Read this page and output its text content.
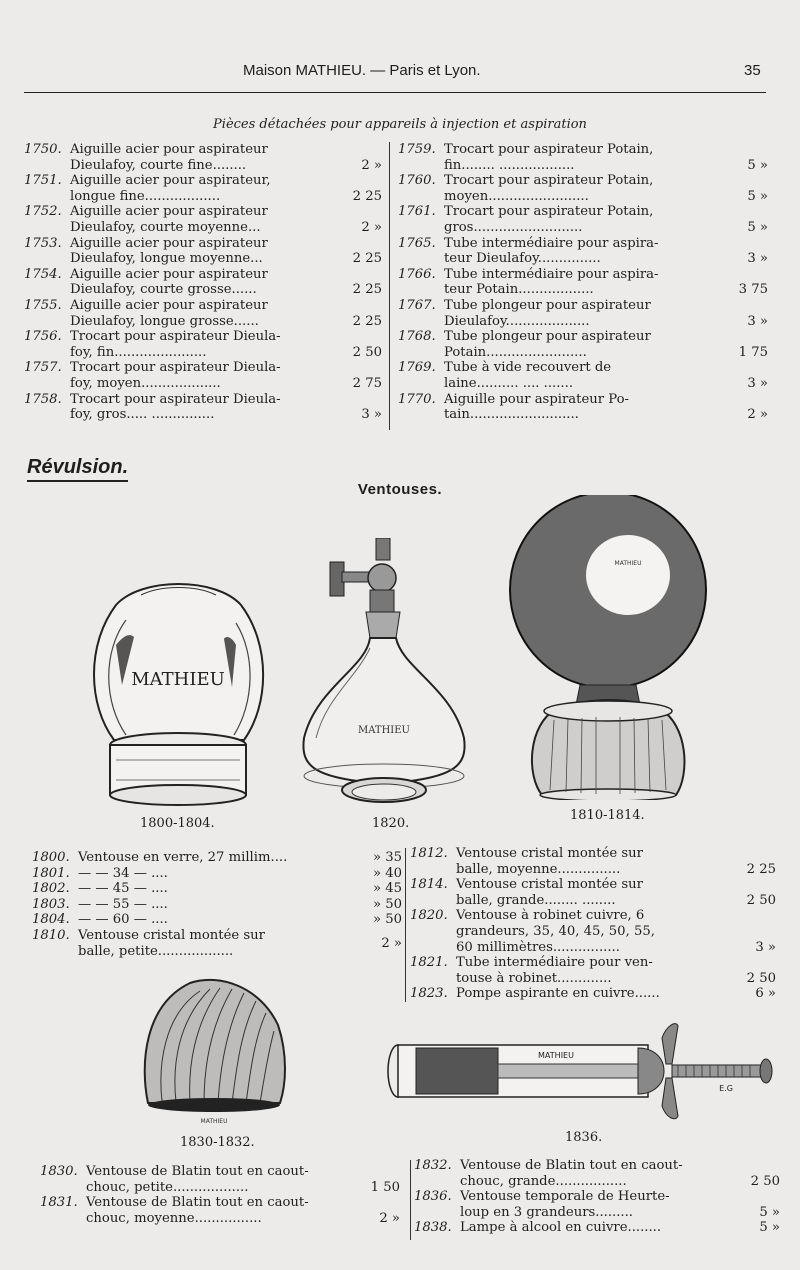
Maison MATHIEU. — Paris et Lyon.	35
Pièces détachées pour appareils à injection et aspiration
1750. Aiguille acier pour aspirateur
Dieulafoy, courte fine........	2 »
1751. Aiguille acier pour aspirateur,
longue fine..................	2 25
1752. Aiguille acier pour aspirateur
Dieulafoy, courte moyenne...	2 »
1753. Aiguille acier pour aspirateur
Dieulafoy, longue moyenne...	2 25
1754. Aiguille acier pour aspirateur
Dieulafoy, courte grosse......	2 25
1755. Aiguille acier pour aspirateur
Dieulafoy, longue grosse......	2 25
1756. Trocart pour aspirateur Dieula-
foy, fin......................	2 50
1757. Trocart pour aspirateur Dieula-
foy, moyen...................	2 75
1758. Trocart pour aspirateur Dieula-
foy, gros..... ...............	3 »
1759. Trocart pour aspirateur Potain,
fin........ ..................	5 »
1760. Trocart pour aspirateur Potain,
moyen........................	5 »
1761. Trocart pour aspirateur Potain,
gros..........................	5 »
1765. Tube intermédiaire pour aspira-
teur Dieulafoy...............	3 »
1766. Tube intermédiaire pour aspira-
teur Potain..................	3 75
1767. Tube plongeur pour aspirateur
Dieulafoy....................	3 »
1768. Tube plongeur pour aspirateur
Potain........................	1 75
1769. Tube à vide recouvert de
laine.......... .... .......	3 »
1770. Aiguille pour aspirateur Po-
tain..........................	2 »
Révulsion.
Ventouses.
MATHIEU
1800-1804.
MATHIEU
1820.
MATHIEU
1810-1814.
1800. Ventouse en verre, 27 millim....	» 35
1801. — — 34 — ....	» 40
1802. — — 45 — ....	» 45
1803. — — 55 — ....	» 50
1804. — — 60 — ....	» 50
1810. Ventouse cristal montée sur
balle, petite..................
2 »
1812. Ventouse cristal montée sur
balle, moyenne...............	2 25
1814. Ventouse cristal montée sur
balle, grande........ ........	2 50
1820. Ventouse à robinet cuivre, 6
grandeurs, 35, 40, 45, 50, 55,
60 millimètres................	3 »
1821. Tube intermédiaire pour ven-
touse à robinet.............	2 50
1823. Pompe aspirante en cuivre......	6 »
MATHIEU
1830-1832.
MATHIEU
E.G
1836.
1830. Ventouse de Blatin tout en caout-
chouc, petite..................	1 50
1831. Ventouse de Blatin tout en caout-
chouc, moyenne................	2 »
1832. Ventouse de Blatin tout en caout-
chouc, grande.................	2 50
1836. Ventouse temporale de Heurte-
loup en 3 grandeurs.........	5 »
1838. Lampe à alcool en cuivre........	5 »
